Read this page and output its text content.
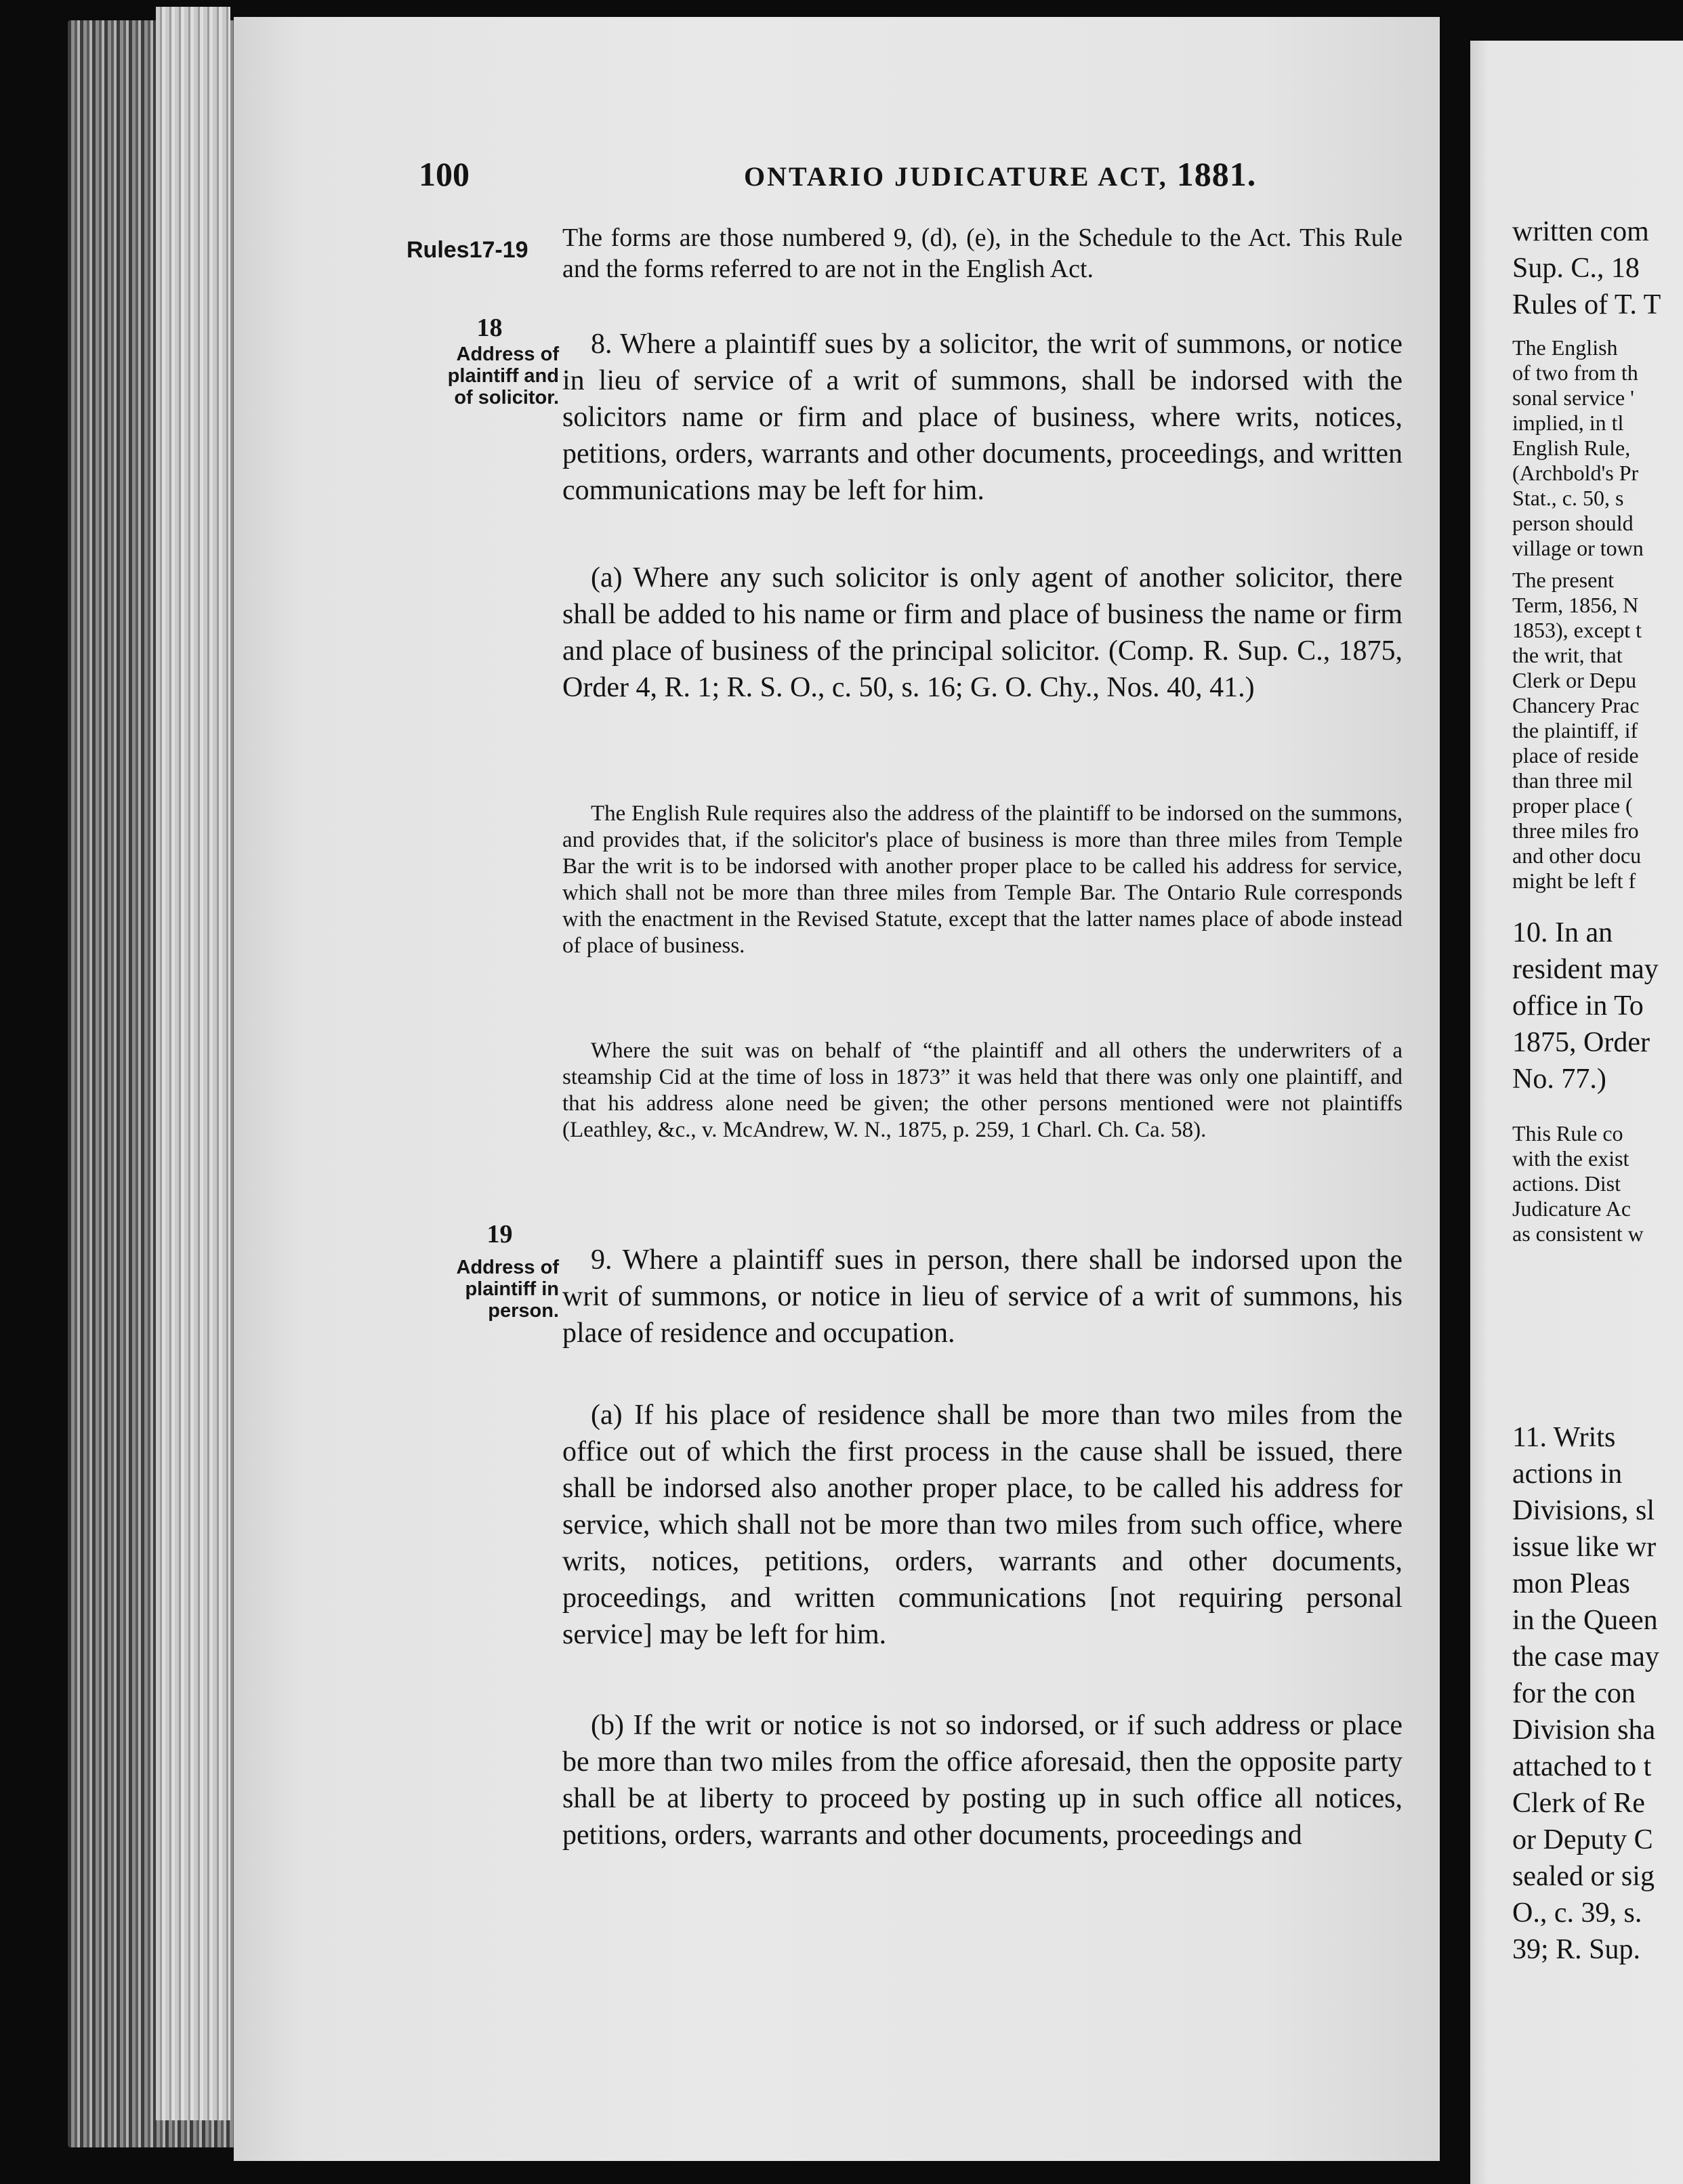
written com
Sup. C., 18
Rules of T. T
The English
of two from th
sonal service '
implied, in tl
English Rule,
(Archbold's Pr
Stat., c. 50, s
person should
village or town
The present
Term, 1856, N
1853), except t
the writ, that
Clerk or Depu
Chancery Prac
the plaintiff, if
place of reside
than three mil
proper place (
three miles fro
and other docu
might be left f
10. In an
resident may
office in To
1875, Order
No. 77.)
This Rule co
with the exist
actions. Dist
Judicature Ac
as consistent w
11. Writs
actions in
Divisions, sl
issue like wr
mon Pleas
in the Queen
the case may
for the con
Division sha
attached to t
Clerk of Re
or Deputy C
sealed or sig
O., c. 39, s.
39; R. Sup.
100	ONTARIO JUDICATURE ACT, 1881.
Rules17-19
18
Address of
plaintiff and
of solicitor.
19
Address of
plaintiff in
person.
The forms are those numbered 9, (d), (e), in the Schedule to the Act. This Rule and the forms referred to are not in the English Act.
8. Where a plaintiff sues by a solicitor, the writ of summons, or notice in lieu of service of a writ of summons, shall be indorsed with the solicitors name or firm and place of business, where writs, notices, petitions, orders, warrants and other documents, proceedings, and written communications may be left for him.
(a) Where any such solicitor is only agent of another solicitor, there shall be added to his name or firm and place of business the name or firm and place of business of the principal solicitor. (Comp. R. Sup. C., 1875, Order 4, R. 1; R. S. O., c. 50, s. 16; G. O. Chy., Nos. 40, 41.)
The English Rule requires also the address of the plaintiff to be indorsed on the summons, and provides that, if the solicitor's place of business is more than three miles from Temple Bar the writ is to be indorsed with another proper place to be called his address for service, which shall not be more than three miles from Temple Bar. The Ontario Rule corresponds with the enactment in the Revised Statute, except that the latter names place of abode instead of place of business.
Where the suit was on behalf of “the plaintiff and all others the underwriters of a steamship Cid at the time of loss in 1873” it was held that there was only one plaintiff, and that his address alone need be given; the other persons mentioned were not plaintiffs (Leathley, &c., v. McAndrew, W. N., 1875, p. 259, 1 Charl. Ch. Ca. 58).
9. Where a plaintiff sues in person, there shall be indorsed upon the writ of summons, or notice in lieu of service of a writ of summons, his place of residence and occupation.
(a) If his place of residence shall be more than two miles from the office out of which the first process in the cause shall be issued, there shall be indorsed also another proper place, to be called his address for service, which shall not be more than two miles from such office, where writs, notices, petitions, orders, warrants and other documents, proceedings, and written communications [not requiring personal service] may be left for him.
(b) If the writ or notice is not so indorsed, or if such address or place be more than two miles from the office aforesaid, then the opposite party shall be at liberty to proceed by posting up in such office all notices, petitions, orders, warrants and other documents, proceedings and
